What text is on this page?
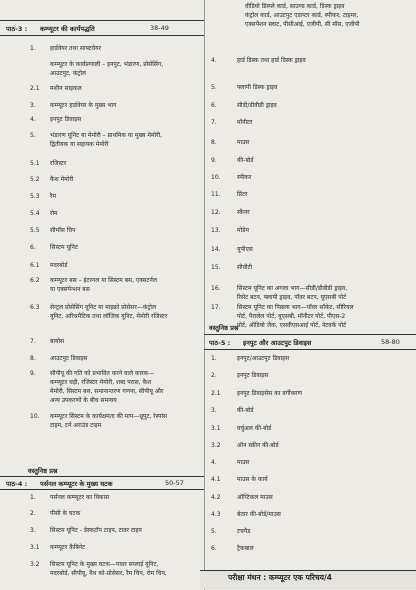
पाठ-3 : कम्प्यूटर की कार्यपद्धति	38-49
1.	हार्डवेयर तथा साफ्टवेयर
कम्प्यूटर के कार्यप्रणाली – इनपुट, भंडारण, प्रोसेसिंग,
आउटपुट, कंट्रोल
2.1	मशीन साइकल
3.	कम्प्यूटर हार्डवेयर के मुख्य भाग
4.	इनपुट डिवाइस
5.	भंडारण यूनिट या मेमोरी – प्राथमिक या मुख्य मेमोरी,
द्वितीयक या सहायक मेमोरी
5.1	रजिस्टर
5.2	कैश मेमोरी
5.3	रैम
5.4	रोम
5.5	सीमॉस चिप
6.	सिस्टम यूनिट
6.1	मदरबोर्ड
6.2	कम्प्यूटर बस – इंटरनल या सिस्टम बस, एक्सटर्नल
या एक्सपेन्शन बस
6.3	सेन्ट्रल प्रोसेसिंग यूनिट या माइक्रो प्रोसेसर—कंट्रोल
यूनिट, अरिथमैटिक तथा लॉजिक यूनिट, मेमोरी रजिस्टर
7.	बायोस
8.	आउटपुट डिवाइस
9.	सीपीयू की गति को प्रभावित करने वाले कारक—
कम्प्यूटर घड़ी, रजिस्टर मेमोरी, शब्द परास, कैश
मेमोरी, सिस्टम बस, समानान्तरण गणना, सीपीयू और
अन्य उपकरणों के बीच समन्वय
10.	कम्प्यूटर सिस्टम के कार्यक्षमता की माप—थ्रूपुट, रेस्पांस
टाइम, टर्न अराउंड टाइम
वस्तुनिष्ठ प्रश्न
पाठ-4 : पर्सनल कम्प्यूटर के मुख्य घटक	50-57
1.	पर्सनल कम्प्यूटर का विकास
2.	पीसी के घटक
3.	सिस्टम यूनिट - डेस्कटॉप टाइप, टावर टाइप
3.1	कम्प्यूटर कैबिनेट
3.2	सिस्टम यूनिट के मुख्य घटक—पावर सप्लाई यूनिट,
मदरबोर्ड, सीपीयू, मैथ को-प्रोसेसर, रैम चिप, रोम चिप,
वीडियो डिस्प्ले कार्ड, साउण्ड कार्ड, डिस्क ड्राइव
कंट्रोल कार्ड, आउटपुट एडाप्टर कार्ड, स्पीकर, टाइमर,
एक्सपेंशन स्लाट, पीसीआई, एजीपी, सी मॉस, एजीपी
4.	हार्ड डिस्क तथा हार्ड डिस्क ड्राइव
5.	फ्लापी डिस्क ड्राइव
6.	सीडी/डीवीडी ड्राइव
7.	मॉनीटर
8.	माउस
9.	की-बोर्ड
10.	स्पीकर
11.	प्रिंटर
12.	स्कैनर
13.	मोडेम
14.	यूपीएस
15.	सीवीटी
16.	सिस्टम यूनिट का अगला भाग—सीडी/डीवीडी ड्राइव,
रिसेट बटन, फ्लापी ड्राइव, पॉवर बटन, यूएसबी पोर्ट
17.	सिस्टम यूनिट का पिछला भाग—पॉवर सॉकेट, सीरियल
पोर्ट, पैरालेल पोर्ट, यूएसबी, मॉनीटर पोर्ट, पीएस-2
पोर्ट, ऑडियो जैक, एसवीएसआई पोर्ट, नेटवर्क पोर्ट
वस्तुनिष्ठ प्रश्न
पाठ-5 : इनपुट और आउटपुट डिवाइस	58-80
1.	इनपुट/आउटपुट डिवाइस
2.	इनपुट डिवाइस
2.1	इनपुट डिवाइसेस का वर्गीकरण
3.	की-बोर्ड
3.1	वर्चुअल की-बोर्ड
3.2	ऑन स्क्रीन की-बोर्ड
4.	माउस
4.1	माउस के कार्य
4.2	ऑप्टिकल माउस
4.3	बेतार की-बोर्ड/माउस
5.	टचपैड
6.	ट्रैकबाल
परीक्षा मंथन : कम्प्यूटर एक परिचय/4
